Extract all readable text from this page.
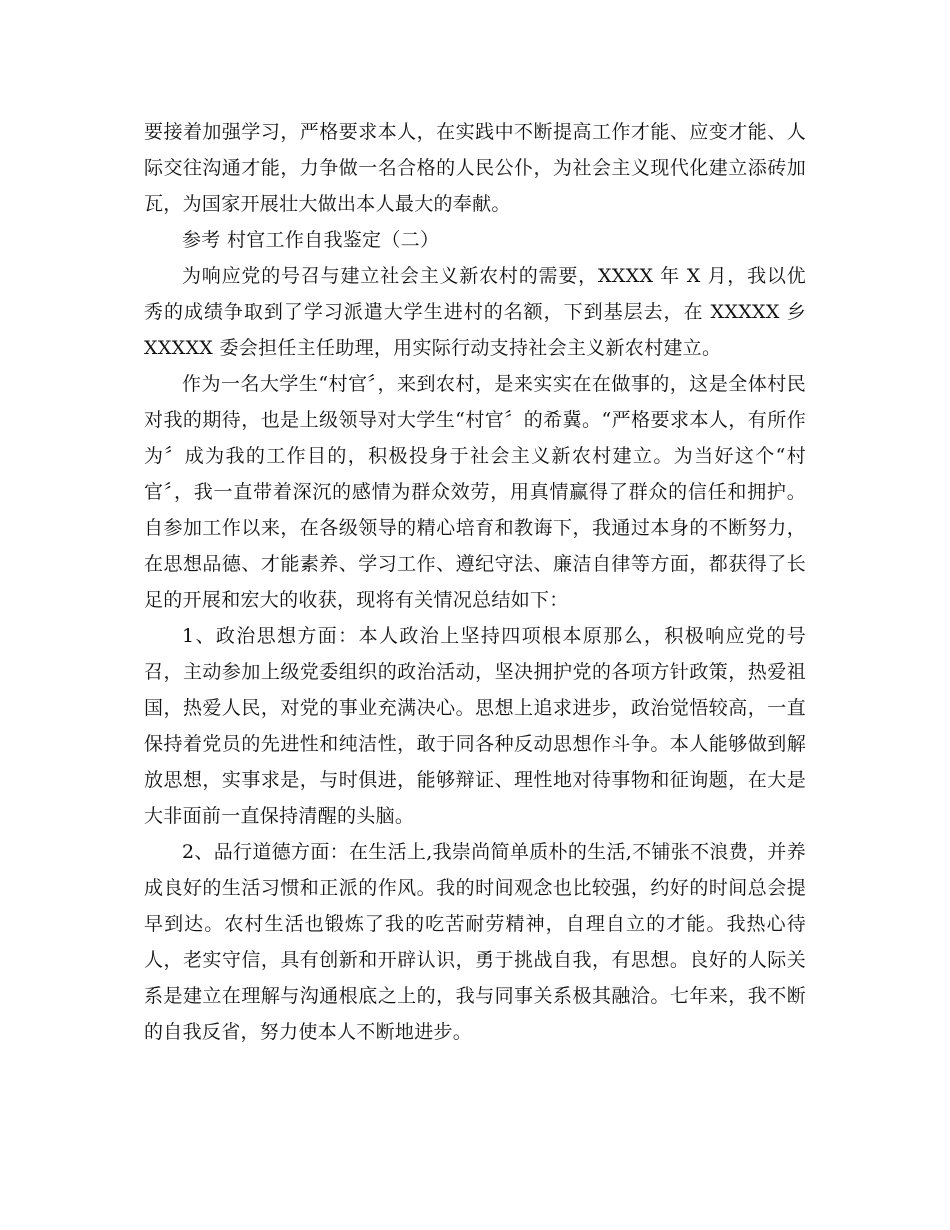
要接着加强学习，严格要求本人，在实践中不断提高工作才能、应变才能、人际交往沟通才能，力争做一名合格的人民公仆，为社会主义现代化建立添砖加瓦，为国家开展壮大做出本人最大的奉献。

参考 村官工作自我鉴定（二）

为响应党的号召与建立社会主义新农村的需要，XXXX 年 X 月，我以优秀的成绩争取到了学习派遣大学生进村的名额，下到基层去，在 XXXXX 乡 XXXXX 委会担任主任助理，用实际行动支持社会主义新农村建立。

作为一名大学生“村官〞，来到农村，是来实实在在做事的，这是全体村民对我的期待，也是上级领导对大学生“村官〞的希冀。“严格要求本人，有所作为〞成为我的工作目的，积极投身于社会主义新农村建立。为当好这个“村官〞，我一直带着深沉的感情为群众效劳，用真情赢得了群众的信任和拥护。自参加工作以来，在各级领导的精心培育和教诲下，我通过本身的不断努力，在思想品德、才能素养、学习工作、遵纪守法、廉洁自律等方面，都获得了长足的开展和宏大的收获，现将有关情况总结如下：

1、政治思想方面：本人政治上坚持四项根本原那么，积极响应党的号召，主动参加上级党委组织的政治活动，坚决拥护党的各项方针政策，热爱祖国，热爱人民，对党的事业充满决心。思想上追求进步，政治觉悟较高，一直保持着党员的先进性和纯洁性，敢于同各种反动思想作斗争。本人能够做到解放思想，实事求是，与时俱进，能够辩证、理性地对待事物和征询题，在大是大非面前一直保持清醒的头脑。

2、品行道德方面：在生活上,我崇尚简单质朴的生活,不铺张不浪费，并养成良好的生活习惯和正派的作风。我的时间观念也比较强，约好的时间总会提早到达。农村生活也锻炼了我的吃苦耐劳精神，自理自立的才能。我热心待人，老实守信，具有创新和开辟认识，勇于挑战自我，有思想。良好的人际关系是建立在理解与沟通根底之上的，我与同事关系极其融洽。七年来，我不断的自我反省，努力使本人不断地进步。
